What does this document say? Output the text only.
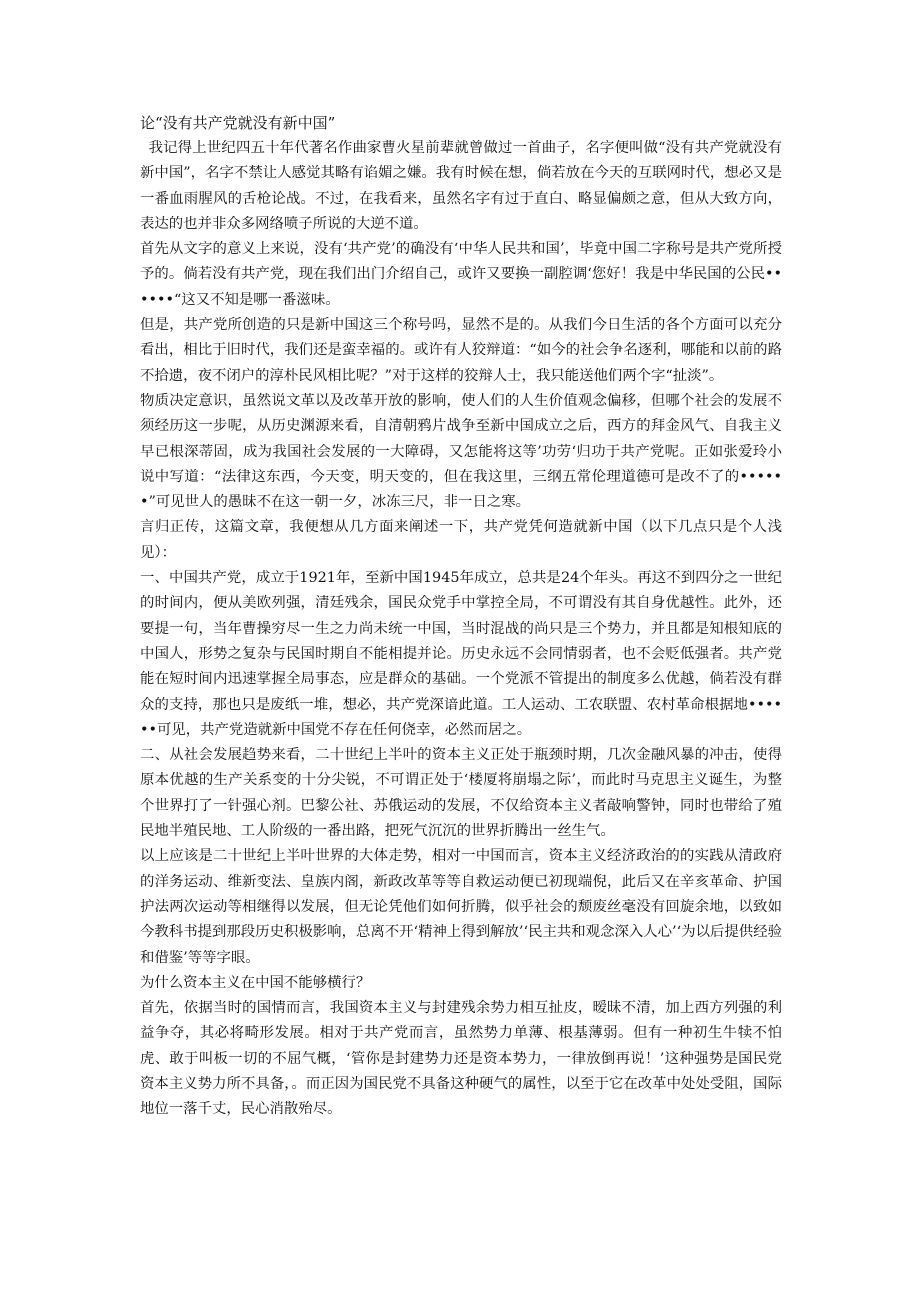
论“没有共产党就没有新中国”

我记得上世纪四五十年代著名作曲家曹火星前辈就曾做过一首曲子，名字便叫做“没有共产党就没有新中国”，名字不禁让人感觉其略有谄媚之嫌。我有时候在想，倘若放在今天的互联网时代，想必又是一番血雨腥风的舌枪论战。不过，在我看来，虽然名字有过于直白、略显偏颇之意，但从大致方向，表达的也并非众多网络喷子所说的大逆不道。

首先从文字的意义上来说，没有‘共产党’的确没有‘中华人民共和国’，毕竟中国二字称号是共产党所授予的。倘若没有共产党，现在我们出门介绍自己，或许又要换一副腔调‘您好！我是中华民国的公民••••••“这又不知是哪一番滋味。

但是，共产党所创造的只是新中国这三个称号吗，显然不是的。从我们今日生活的各个方面可以充分看出，相比于旧时代，我们还是蛮幸福的。或许有人狡辩道：“如今的社会争名逐利，哪能和以前的路不拾遗，夜不闭户的淳朴民风相比呢？”对于这样的狡辩人士，我只能送他们两个字“扯淡”。

物质决定意识，虽然说文革以及改革开放的影响，使人们的人生价值观念偏移，但哪个社会的发展不须经历这一步呢，从历史渊源来看，自清朝鸦片战争至新中国成立之后，西方的拜金风气、自我主义早已根深蒂固，成为我国社会发展的一大障碍，又怎能将这等’功劳‘归功于共产党呢。正如张爱玲小说中写道：“法律这东西，今天变，明天变的，但在我这里，三纲五常伦理道德可是改不了的••••••”可见世人的愚昧不在这一朝一夕，冰冻三尺，非一日之寒。

言归正传，这篇文章，我便想从几方面来阐述一下，共产党凭何造就新中国（以下几点只是个人浅见）：

一、中国共产党，成立于1921年，至新中国1945年成立，总共是24个年头。再这不到四分之一世纪的时间内，便从美欧列强，清廷残余，国民众党手中掌控全局，不可谓没有其自身优越性。此外，还要提一句，当年曹操穷尽一生之力尚未统一中国，当时混战的尚只是三个势力，并且都是知根知底的中国人，形势之复杂与民国时期自不能相提并论。历史永远不会同情弱者，也不会贬低强者。共产党能在短时间内迅速掌握全局事态，应是群众的基础。一个党派不管提出的制度多么优越，倘若没有群众的支持，那也只是废纸一堆，想必，共产党深谙此道。工人运动、工农联盟、农村革命根据地••••••可见，共产党造就新中国党不存在任何侥幸，必然而居之。

二、从社会发展趋势来看，二十世纪上半叶的资本主义正处于瓶颈时期，几次金融风暴的冲击，使得原本优越的生产关系变的十分尖锐，不可谓正处于‘楼厦将崩塌之际’，而此时马克思主义诞生，为整个世界打了一针强心剂。巴黎公社、苏俄运动的发展，不仅给资本主义者敲响警钟，同时也带给了殖民地半殖民地、工人阶级的一番出路，把死气沉沉的世界折腾出一丝生气。

以上应该是二十世纪上半叶世界的大体走势，相对一中国而言，资本主义经济政治的的实践从清政府的洋务运动、维新变法、皇族内阁，新政改革等等自救运动便已初现端倪，此后又在辛亥革命、护国护法两次运动等相继得以发展，但无论凭他们如何折腾，似乎社会的颓废丝毫没有回旋余地，以致如今教科书提到那段历史积极影响，总离不开‘精神上得到解放’‘民主共和观念深入人心’‘为以后提供经验和借鉴’等等字眼。

为什么资本主义在中国不能够横行？

首先，依据当时的国情而言，我国资本主义与封建残余势力相互扯皮，暧昧不清，加上西方列强的利益争夺，其必将畸形发展。相对于共产党而言，虽然势力单薄、根基薄弱。但有一种初生牛犊不怕虎、敢于叫板一切的不屈气概，‘管你是封建势力还是资本势力，一律放倒再说！’这种强势是国民党资本主义势力所不具备，。而正因为国民党不具备这种硬气的属性，以至于它在改革中处处受阻，国际地位一落千丈，民心消散殆尽。
